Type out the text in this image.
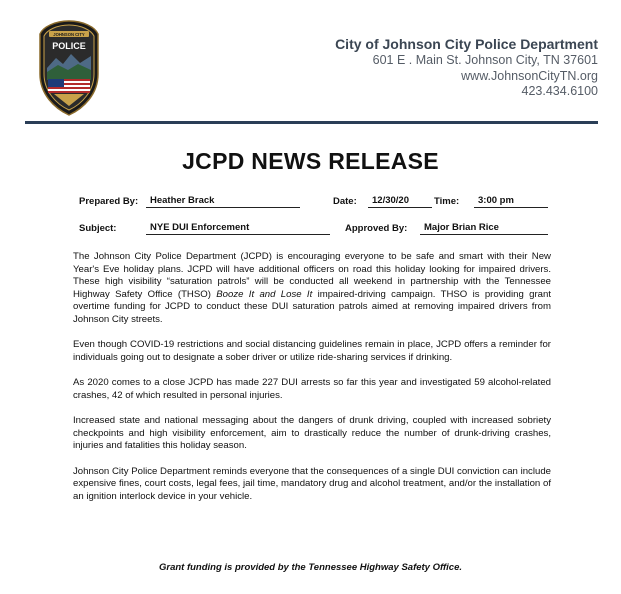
JOHNSON CITY
POLICE	City of Johnson City Police Department
601 E . Main St. Johnson City, TN 37601
www.JohnsonCityTN.org
423.434.6100
JCPD NEWS RELEASE
Prepared By:	Heather Brack	Date:	12/30/20	Time:	3:00 pm
Subject:	NYE DUI Enforcement	Approved By:	Major Brian Rice

The Johnson City Police Department (JCPD) is encouraging everyone to be safe and smart with their New Year's Eve holiday plans. JCPD will have additional officers on road this holiday looking for impaired drivers. These high visibility “saturation patrols” will be conducted all weekend in partnership with the Tennessee Highway Safety Office (THSO) Booze It and Lose It impaired-driving campaign. THSO is providing grant overtime funding for JCPD to conduct these DUI saturation patrols aimed at removing impaired drivers from Johnson City streets.

Even though COVID-19 restrictions and social distancing guidelines remain in place, JCPD offers a reminder for individuals going out to designate a sober driver or utilize ride-sharing services if drinking.

As 2020 comes to a close JCPD has made 227 DUI arrests so far this year and investigated 59 alcohol-related crashes, 42 of which resulted in personal injuries.

Increased state and national messaging about the dangers of drunk driving, coupled with increased sobriety checkpoints and high visibility enforcement, aim to drastically reduce the number of drunk-driving crashes, injuries and fatalities this holiday season.

Johnson City Police Department reminds everyone that the consequences of a single DUI conviction can include expensive fines, court costs, legal fees, jail time, mandatory drug and alcohol treatment, and/or the installation of an ignition interlock device in your vehicle.

Grant funding is provided by the Tennessee Highway Safety Office.
